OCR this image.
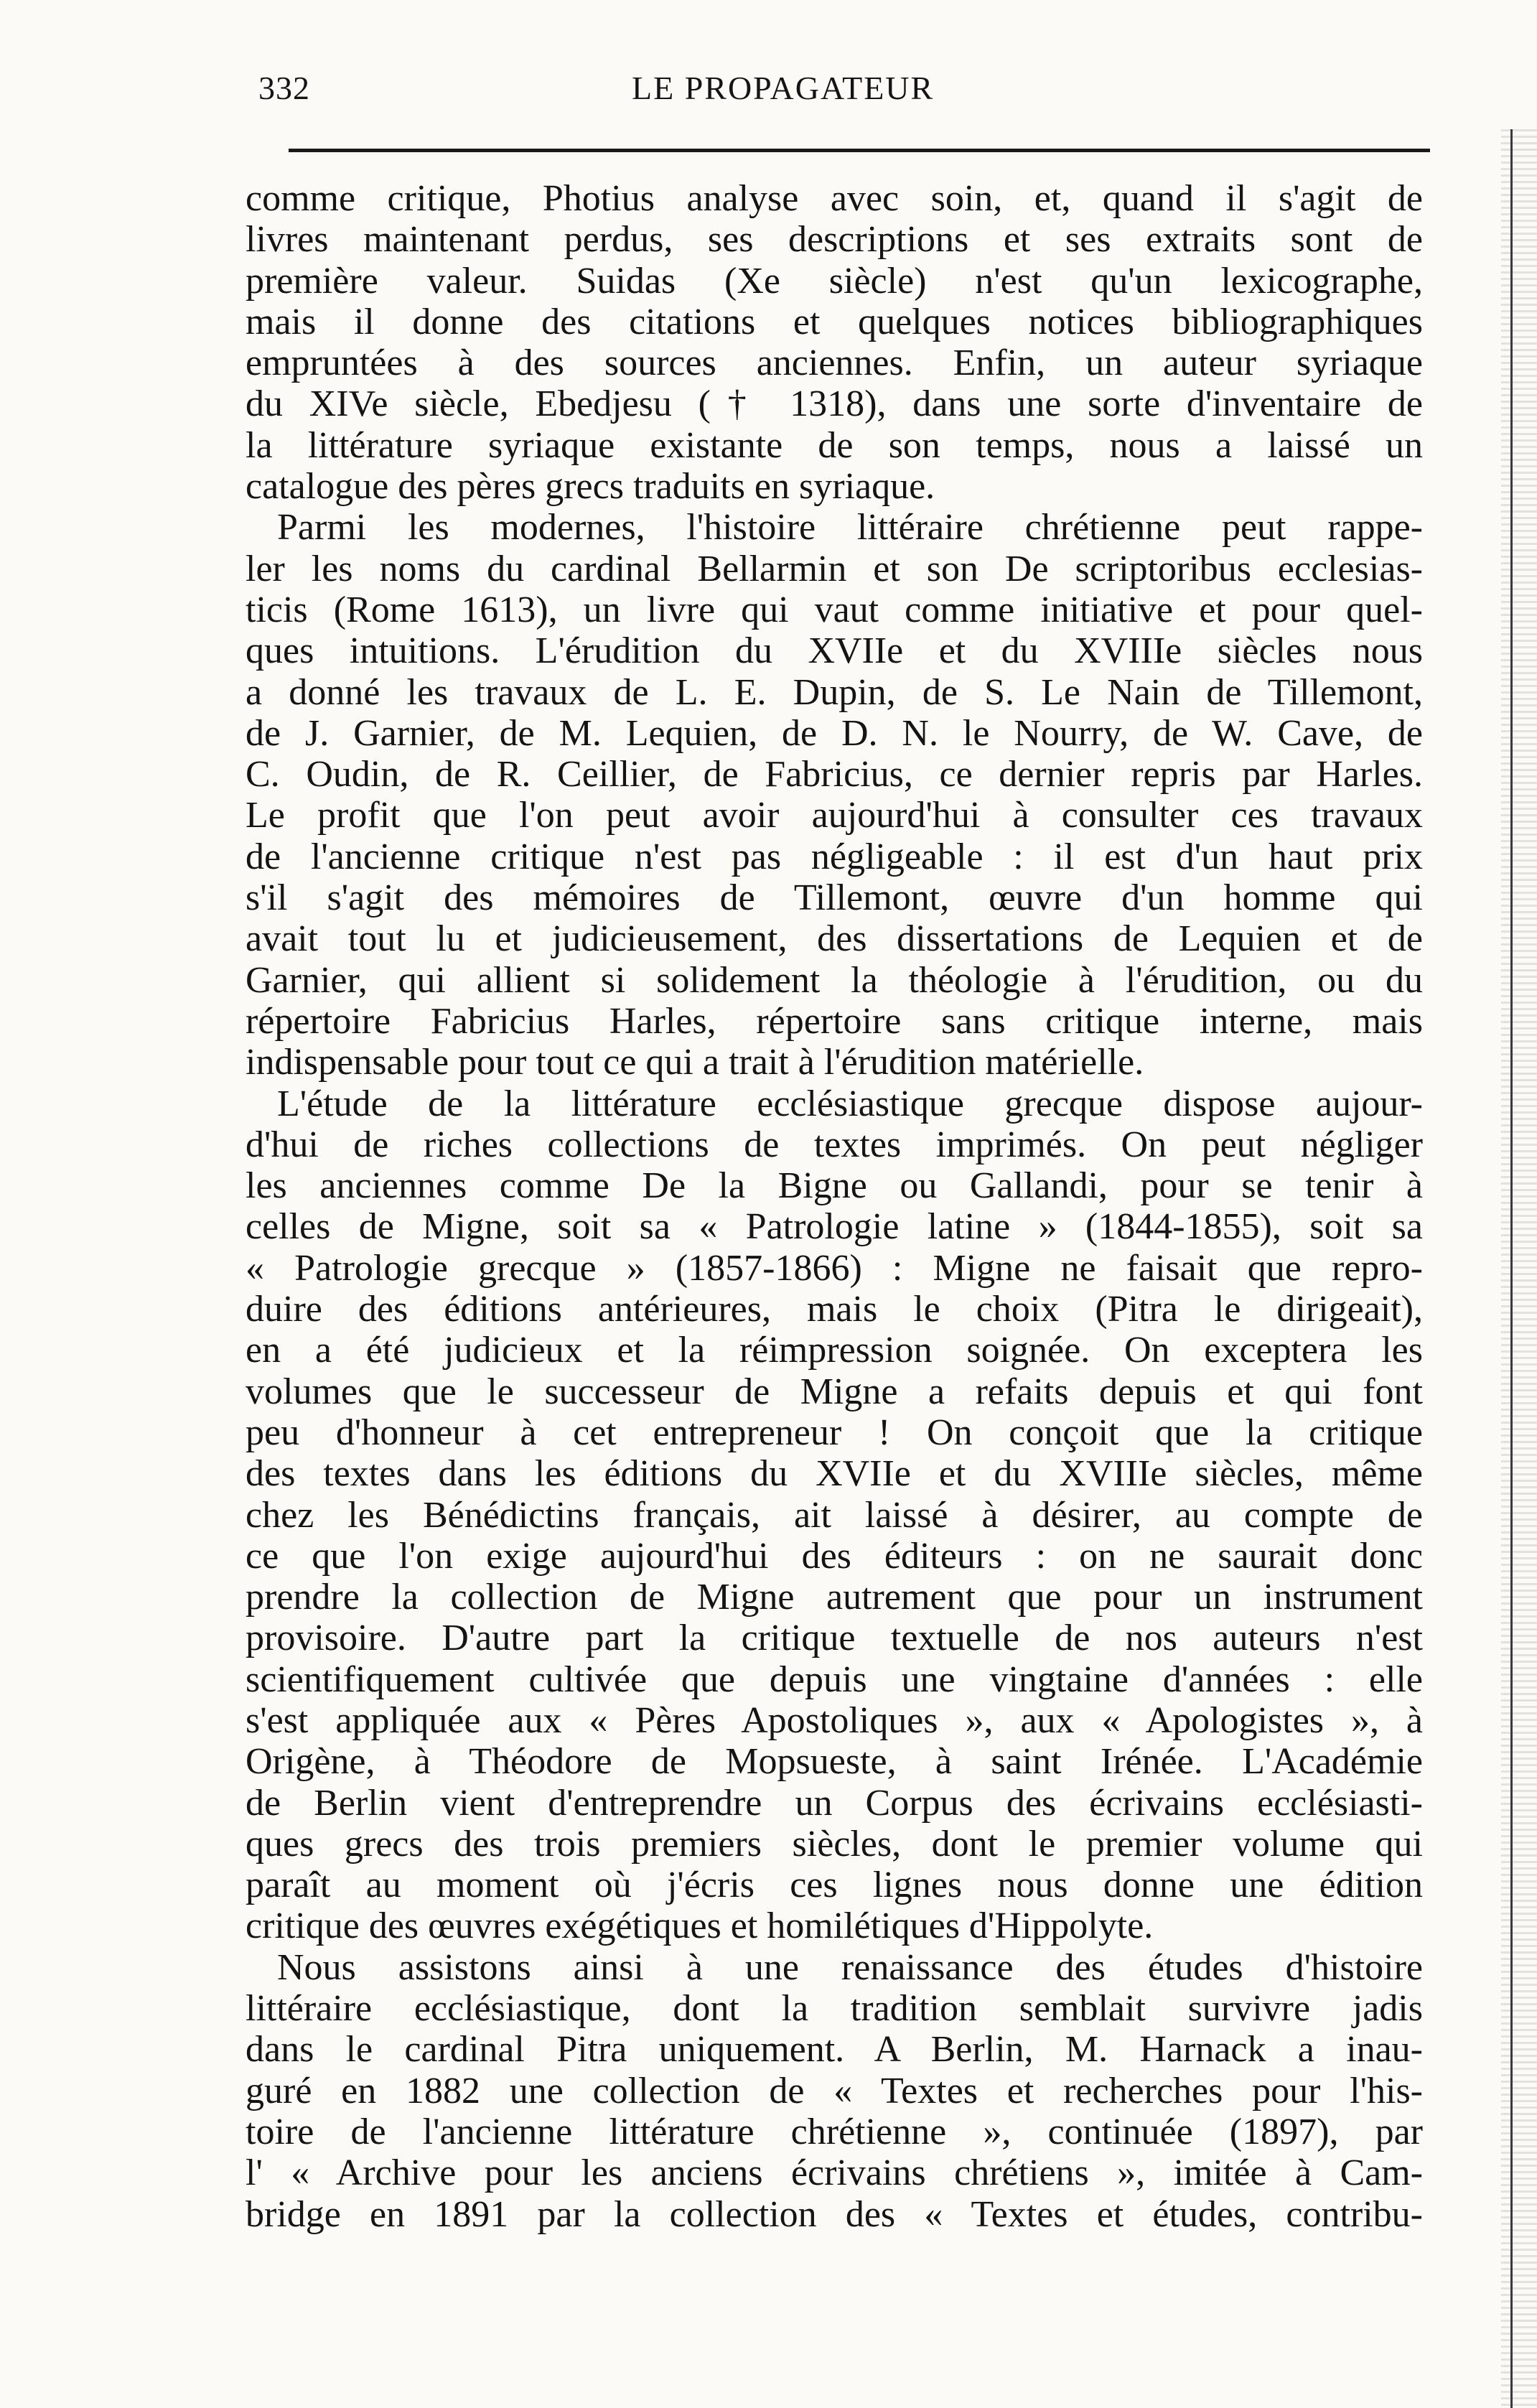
332	LE PROPAGATEUR
comme critique, Photius analyse avec soin, et, quand il s'agit de
livres maintenant perdus, ses descriptions et ses extraits sont de
première valeur. Suidas (Xe siècle) n'est qu'un lexicographe,
mais il donne des citations et quelques notices bibliographiques
empruntées à des sources anciennes. Enfin, un auteur syriaque
du XIVe siècle, Ebedjesu († 1318), dans une sorte d'inventaire de
la littérature syriaque existante de son temps, nous a laissé un
catalogue des pères grecs traduits en syriaque.
Parmi les modernes, l'histoire littéraire chrétienne peut rappe-
ler les noms du cardinal Bellarmin et son De scriptoribus ecclesias-
ticis (Rome 1613), un livre qui vaut comme initiative et pour quel-
ques intuitions. L'érudition du XVIIe et du XVIIIe siècles nous
a donné les travaux de L. E. Dupin, de S. Le Nain de Tillemont,
de J. Garnier, de M. Lequien, de D. N. le Nourry, de W. Cave, de
C. Oudin, de R. Ceillier, de Fabricius, ce dernier repris par Harles.
Le profit que l'on peut avoir aujourd'hui à consulter ces travaux
de l'ancienne critique n'est pas négligeable : il est d'un haut prix
s'il s'agit des mémoires de Tillemont, œuvre d'un homme qui
avait tout lu et judicieusement, des dissertations de Lequien et de
Garnier, qui allient si solidement la théologie à l'érudition, ou du
répertoire Fabricius Harles, répertoire sans critique interne, mais
indispensable pour tout ce qui a trait à l'érudition matérielle.
L'étude de la littérature ecclésiastique grecque dispose aujour-
d'hui de riches collections de textes imprimés. On peut négliger
les anciennes comme De la Bigne ou Gallandi, pour se tenir à
celles de Migne, soit sa « Patrologie latine » (1844-1855), soit sa
« Patrologie grecque » (1857-1866) : Migne ne faisait que repro-
duire des éditions antérieures, mais le choix (Pitra le dirigeait),
en a été judicieux et la réimpression soignée. On exceptera les
volumes que le successeur de Migne a refaits depuis et qui font
peu d'honneur à cet entrepreneur ! On conçoit que la critique
des textes dans les éditions du XVIIe et du XVIIIe siècles, même
chez les Bénédictins français, ait laissé à désirer, au compte de
ce que l'on exige aujourd'hui des éditeurs : on ne saurait donc
prendre la collection de Migne autrement que pour un instrument
provisoire. D'autre part la critique textuelle de nos auteurs n'est
scientifiquement cultivée que depuis une vingtaine d'années : elle
s'est appliquée aux « Pères Apostoliques », aux « Apologistes », à
Origène, à Théodore de Mopsueste, à saint Irénée. L'Académie
de Berlin vient d'entreprendre un Corpus des écrivains ecclésiasti-
ques grecs des trois premiers siècles, dont le premier volume qui
paraît au moment où j'écris ces lignes nous donne une édition
critique des œuvres exégétiques et homilétiques d'Hippolyte.
Nous assistons ainsi à une renaissance des études d'histoire
littéraire ecclésiastique, dont la tradition semblait survivre jadis
dans le cardinal Pitra uniquement. A Berlin, M. Harnack a inau-
guré en 1882 une collection de « Textes et recherches pour l'his-
toire de l'ancienne littérature chrétienne », continuée (1897), par
l' « Archive pour les anciens écrivains chrétiens », imitée à Cam-
bridge en 1891 par la collection des « Textes et études, contribu-
